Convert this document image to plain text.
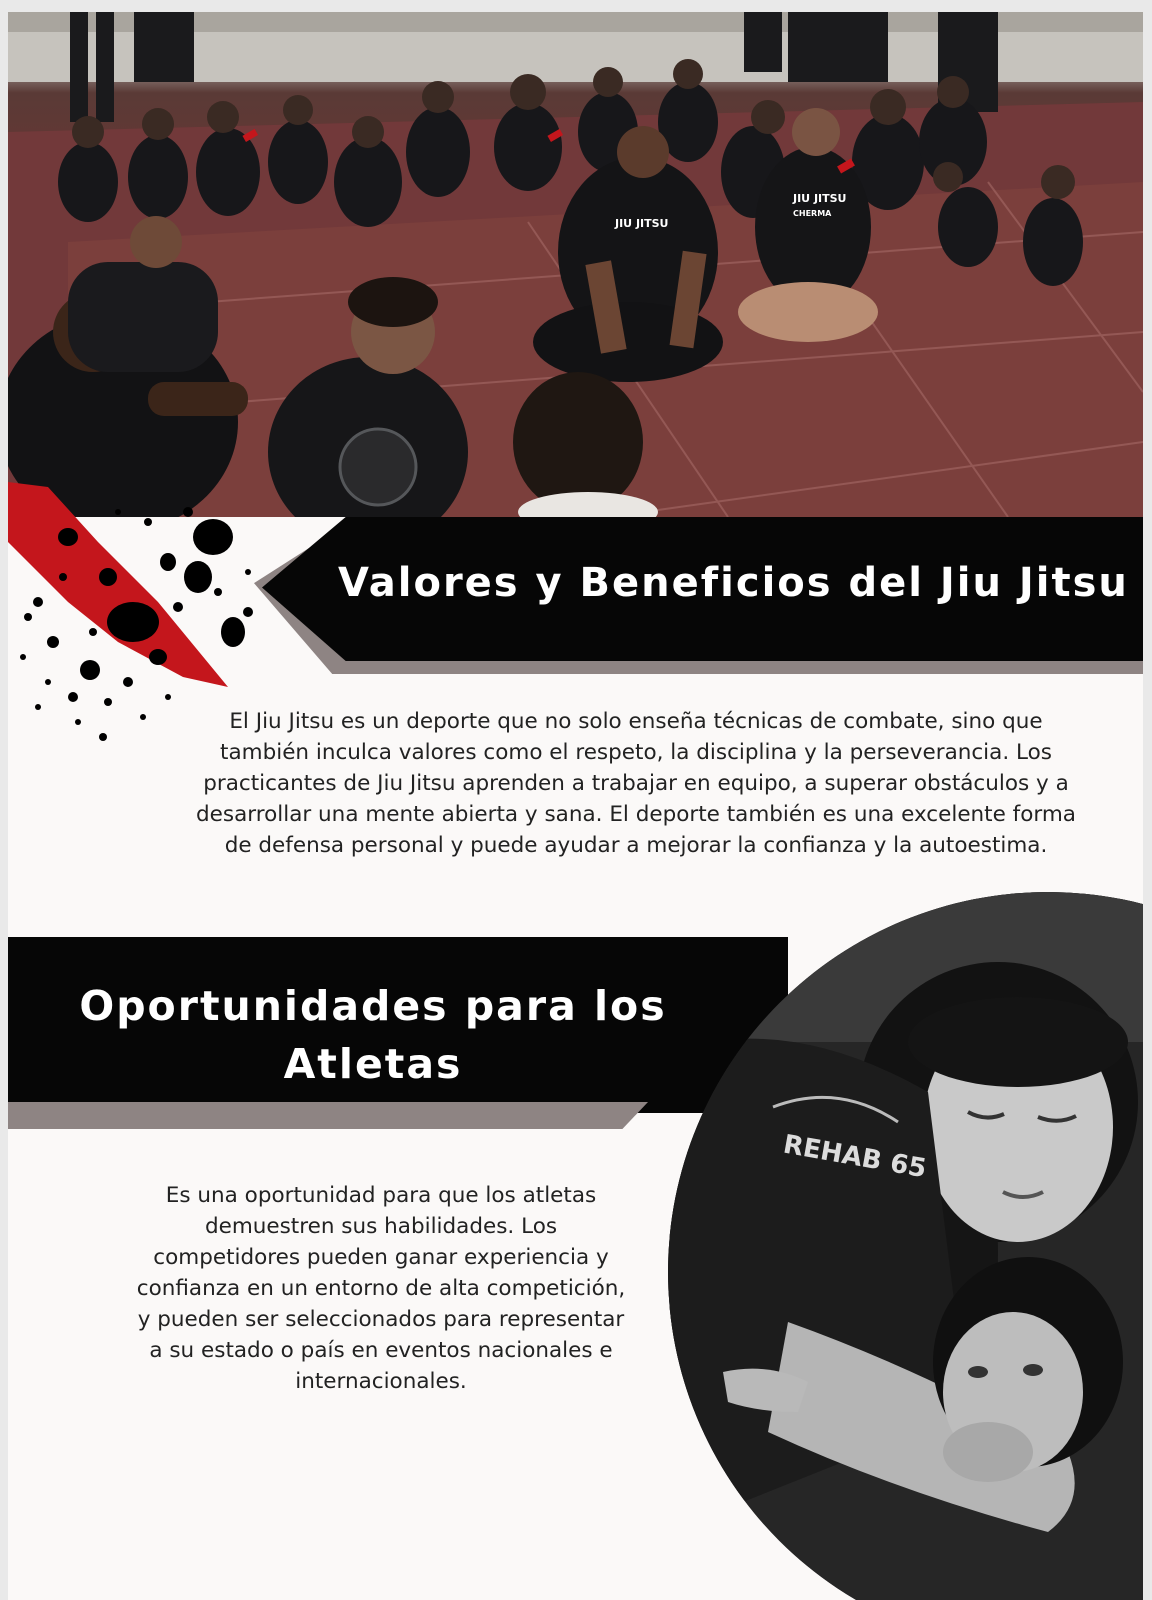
JIU JITSU
JIU JITSU
CHERMA
Valores y Beneficios del Jiu Jitsu

El Jiu Jitsu es un deporte que no solo enseña técnicas de combate, sino que también inculca valores como el respeto, la disciplina y la perseverancia. Los practicantes de Jiu Jitsu aprenden a trabajar en equipo, a superar obstáculos y a desarrollar una mente abierta y sana. El deporte también es una excelente forma de defensa personal y puede ayudar a mejorar la confianza y la autoestima.

Oportunidades para los Atletas
REHAB 65

Es una oportunidad para que los atletas demuestren sus habilidades. Los competidores pueden ganar experiencia y confianza en un entorno de alta competición, y pueden ser seleccionados para representar a su estado o país en eventos nacionales e internacionales.
